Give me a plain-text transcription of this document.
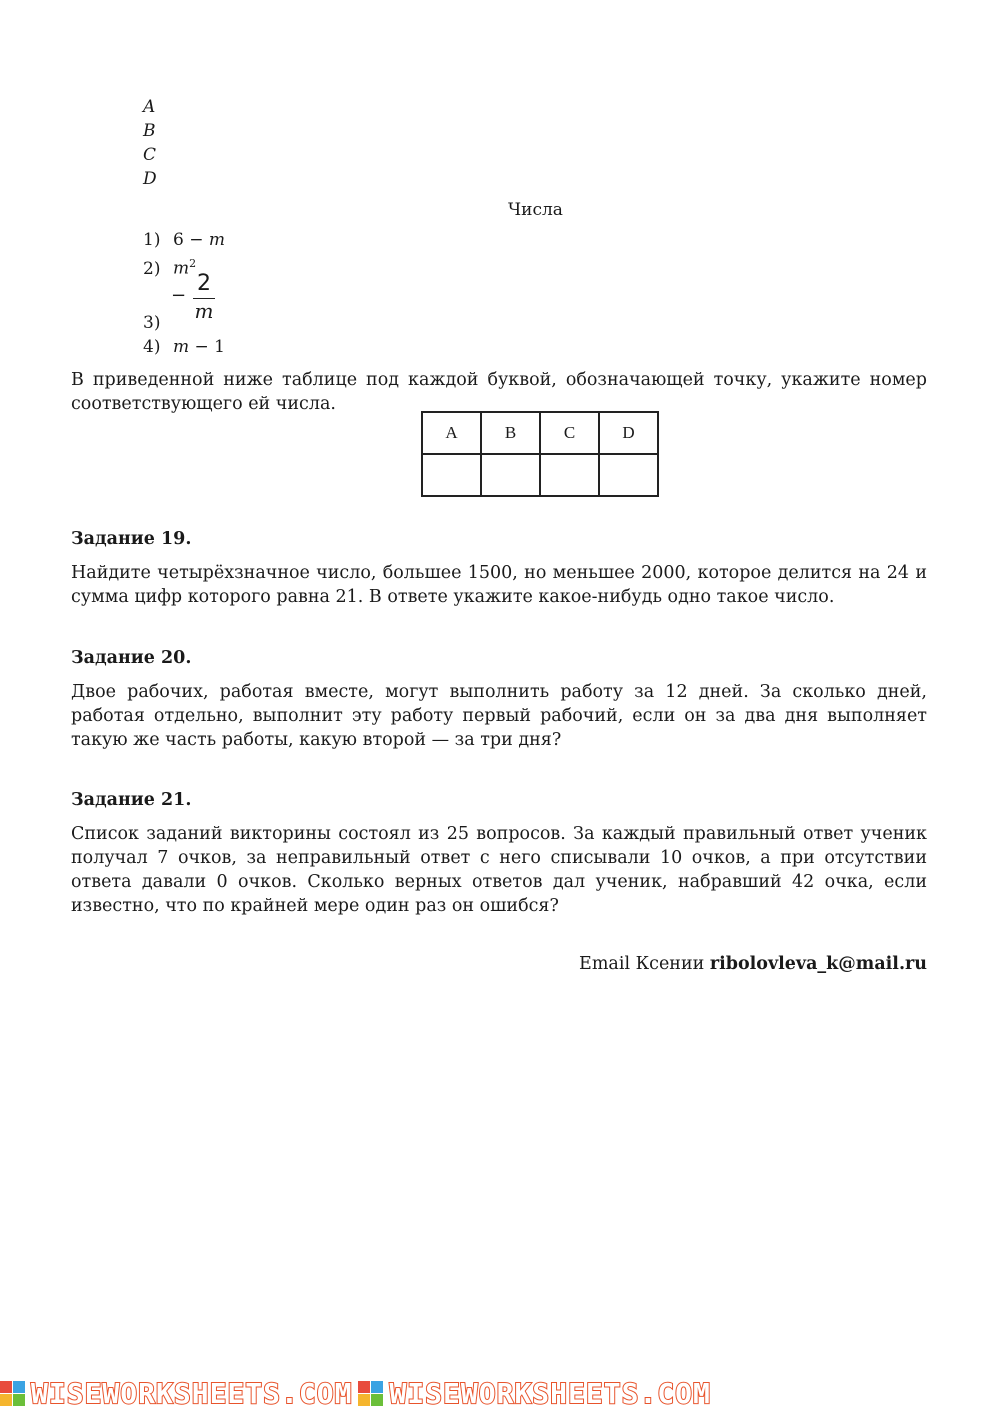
A
B
C
D
Числа
1) 6 − m
2) $m^2$
− $\frac{2}{m}$
3)
4) m − 1
В приведенной ниже таблице под каждой буквой, обозначающей точку, укажите номер соответствующего ей числа.
A	B	C	D

Задание 19.
Найдите четырёхзначное число, большее 1500, но меньшее 2000, которое делится на 24 и сумма цифр которого равна 21. В ответе укажите какое-нибудь одно такое число.
Задание 20.
Двое рабочих, работая вместе, могут выполнить работу за 12 дней. За сколько дней, работая отдельно, выполнит эту работу первый рабочий, если он за два дня выполняет такую же часть работы, какую второй — за три дня?
Задание 21.
Список заданий викторины состоял из 25 вопросов. За каждый правильный ответ ученик получал 7 очков, за неправильный ответ с него списывали 10 очков, а при отсутствии ответа давали 0 очков. Сколько верных ответов дал ученик, набравший 42 очка, если известно, что по крайней мере один раз он ошибся?
Email Ксении ribolovleva_k@mail.ru
WISEWORKSHEETS.COM WISEWORKSHEETS.COM
